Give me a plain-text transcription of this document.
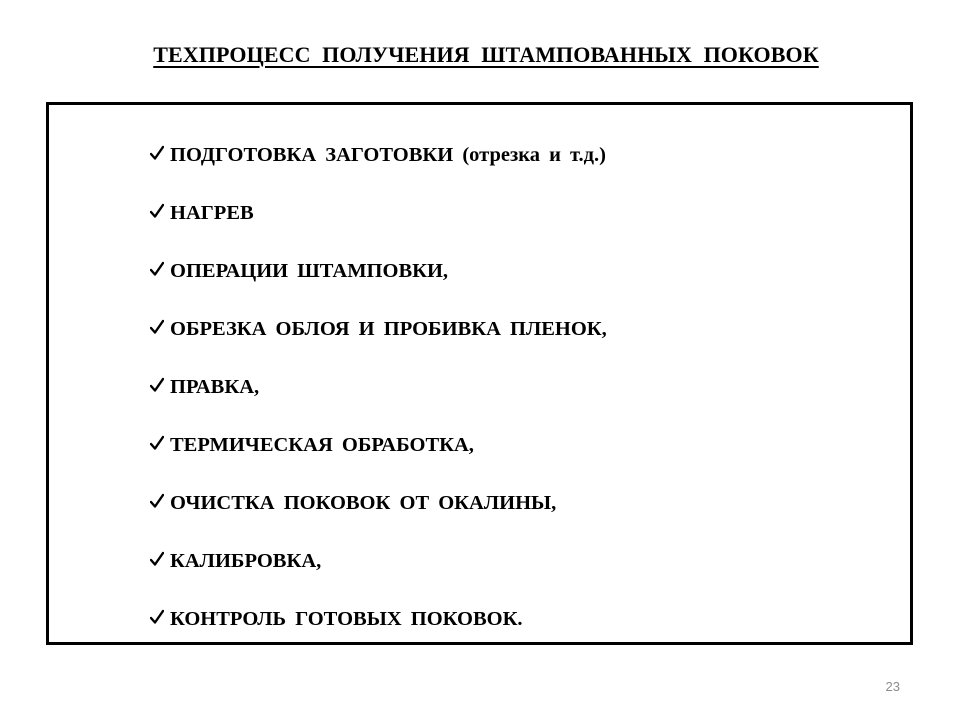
ТЕХПРОЦЕСС ПОЛУЧЕНИЯ ШТАМПОВАННЫХ ПОКОВОК
ПОДГОТОВКА ЗАГОТОВКИ (отрезка и т.д.)
НАГРЕВ
ОПЕРАЦИИ ШТАМПОВКИ,
ОБРЕЗКА ОБЛОЯ И ПРОБИВКА ПЛЕНОК,
ПРАВКА,
ТЕРМИЧЕСКАЯ ОБРАБОТКА,
ОЧИСТКА ПОКОВОК ОТ ОКАЛИНЫ,
КАЛИБРОВКА,
КОНТРОЛЬ ГОТОВЫХ ПОКОВОК.
23
